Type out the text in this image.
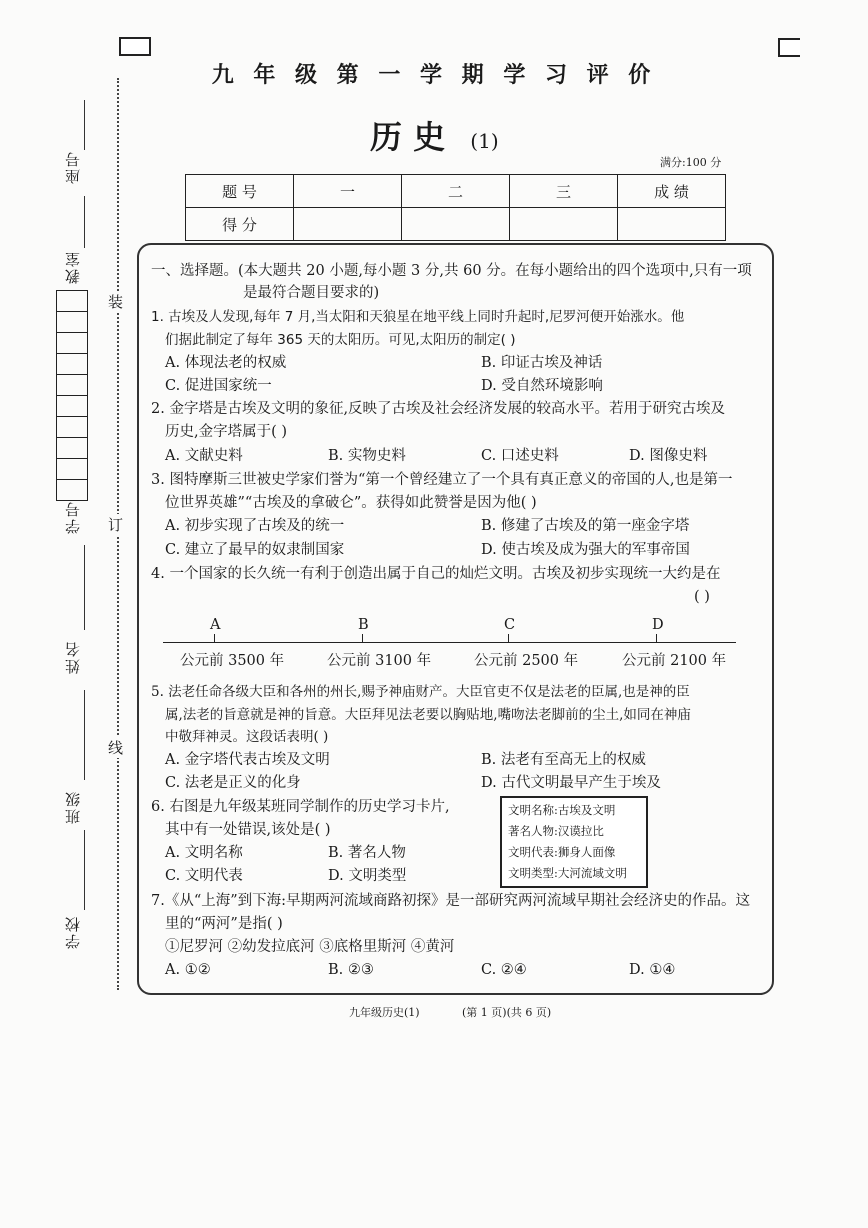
装
订
线
座号
教室
学号
姓名
班级
学校
九 年 级 第 一 学 期 学 习 评 价
历 史 (1)
满分:100 分
题 号	一	二	三	成 绩
得 分				
一、选择题。(本大题共 20 小题,每小题 3 分,共 60 分。在每小题给出的四个选项中,只有一项
是最符合题目要求的)
1. 古埃及人发现,每年 7 月,当太阳和天狼星在地平线上同时升起时,尼罗河便开始涨水。他
们据此制定了每年 365 天的太阳历。可见,太阳历的制定( )
A. 体现法老的权威	B. 印证古埃及神话
C. 促进国家统一	D. 受自然环境影响
2. 金字塔是古埃及文明的象征,反映了古埃及社会经济发展的较高水平。若用于研究古埃及
历史,金字塔属于( )
A. 文献史料	B. 实物史料	C. 口述史料	D. 图像史料
3. 图特摩斯三世被史学家们誉为“第一个曾经建立了一个具有真正意义的帝国的人,也是第一
位世界英雄”“古埃及的拿破仑”。获得如此赞誉是因为他( )
A. 初步实现了古埃及的统一	B. 修建了古埃及的第一座金字塔
C. 建立了最早的奴隶制国家	D. 使古埃及成为强大的军事帝国
4. 一个国家的长久统一有利于创造出属于自己的灿烂文明。古埃及初步实现统一大约是在
( )
A	B	C	D
公元前 3500 年	公元前 3100 年	公元前 2500 年	公元前 2100 年
5. 法老任命各级大臣和各州的州长,赐予神庙财产。大臣官吏不仅是法老的臣属,也是神的臣
属,法老的旨意就是神的旨意。大臣拜见法老要以胸贴地,嘴吻法老脚前的尘土,如同在神庙
中敬拜神灵。这段话表明( )
A. 金字塔代表古埃及文明	B. 法老有至高无上的权威
C. 法老是正义的化身	D. 古代文明最早产生于埃及
6. 右图是九年级某班同学制作的历史学习卡片,
其中有一处错误,该处是( )
A. 文明名称	B. 著名人物
C. 文明代表	D. 文明类型
文明名称:古埃及文明
著名人物:汉谟拉比
文明代表:狮身人面像
文明类型:大河流域文明
7.《从“上海”到下海:早期两河流域商路初探》是一部研究两河流域早期社会经济史的作品。这
里的“两河”是指( )
①尼罗河 ②幼发拉底河 ③底格里斯河 ④黄河
A. ①②	B. ②③	C. ②④	D. ①④
九年级历史(1)	(第 1 页)(共 6 页)
